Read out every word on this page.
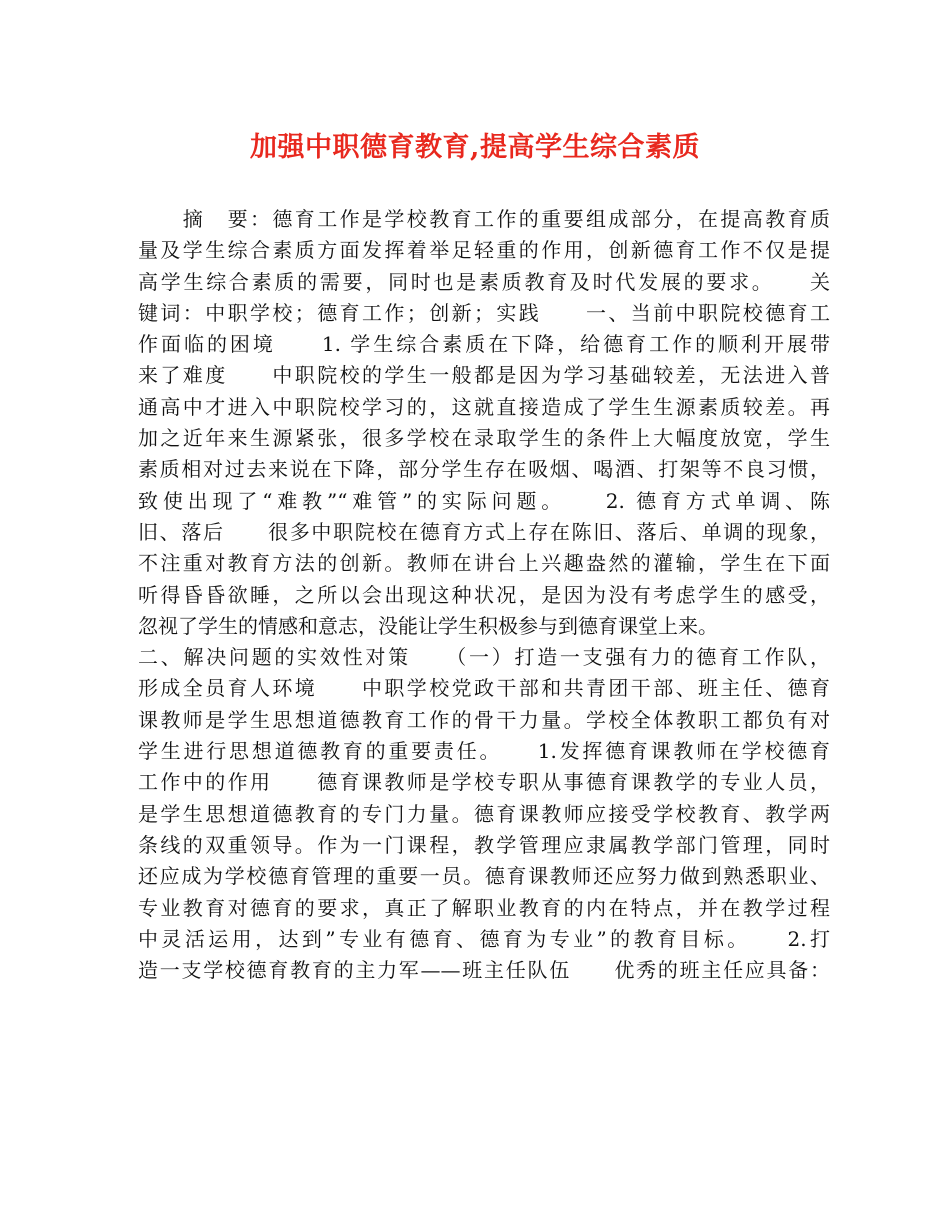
加强中职德育教育,提高学生综合素质
　　摘　要：德育工作是学校教育工作的重要组成部分，在提高教育质
量及学生综合素质方面发挥着举足轻重的作用，创新德育工作不仅是提
高学生综合素质的需要，同时也是素质教育及时代发展的要求。　　关
键词：中职学校；德育工作；创新；实践　　一、当前中职院校德育工
作面临的困境　　1. 学生综合素质在下降，给德育工作的顺利开展带
来了难度　　中职院校的学生一般都是因为学习基础较差，无法进入普
通高中才进入中职院校学习的，这就直接造成了学生生源素质较差。再
加之近年来生源紧张，很多学校在录取学生的条件上大幅度放宽，学生
素质相对过去来说在下降，部分学生存在吸烟、喝酒、打架等不良习惯，
致使出现了“难教”“难管”的实际问题。　　2. 德育方式单调、陈
旧、落后　　很多中职院校在德育方式上存在陈旧、落后、单调的现象，
不注重对教育方法的创新。教师在讲台上兴趣盎然的灌输，学生在下面
听得昏昏欲睡，之所以会出现这种状况，是因为没有考虑学生的感受，
忽视了学生的情感和意志，没能让学生积极参与到德育课堂上来。
二、解决问题的实效性对策　　（一）打造一支强有力的德育工作队，
形成全员育人环境　　中职学校党政干部和共青团干部、班主任、德育
课教师是学生思想道德教育工作的骨干力量。学校全体教职工都负有对
学生进行思想道德教育的重要责任。　　1.发挥德育课教师在学校德育
工作中的作用　　德育课教师是学校专职从事德育课教学的专业人员，
是学生思想道德教育的专门力量。德育课教师应接受学校教育、教学两
条线的双重领导。作为一门课程，教学管理应隶属教学部门管理，同时
还应成为学校德育管理的重要一员。德育课教师还应努力做到熟悉职业、
专业教育对德育的要求，真正了解职业教育的内在特点，并在教学过程
中灵活运用，达到”专业有德育、德育为专业”的教育目标。　　2.打
造一支学校德育教育的主力军——班主任队伍　　优秀的班主任应具备：
